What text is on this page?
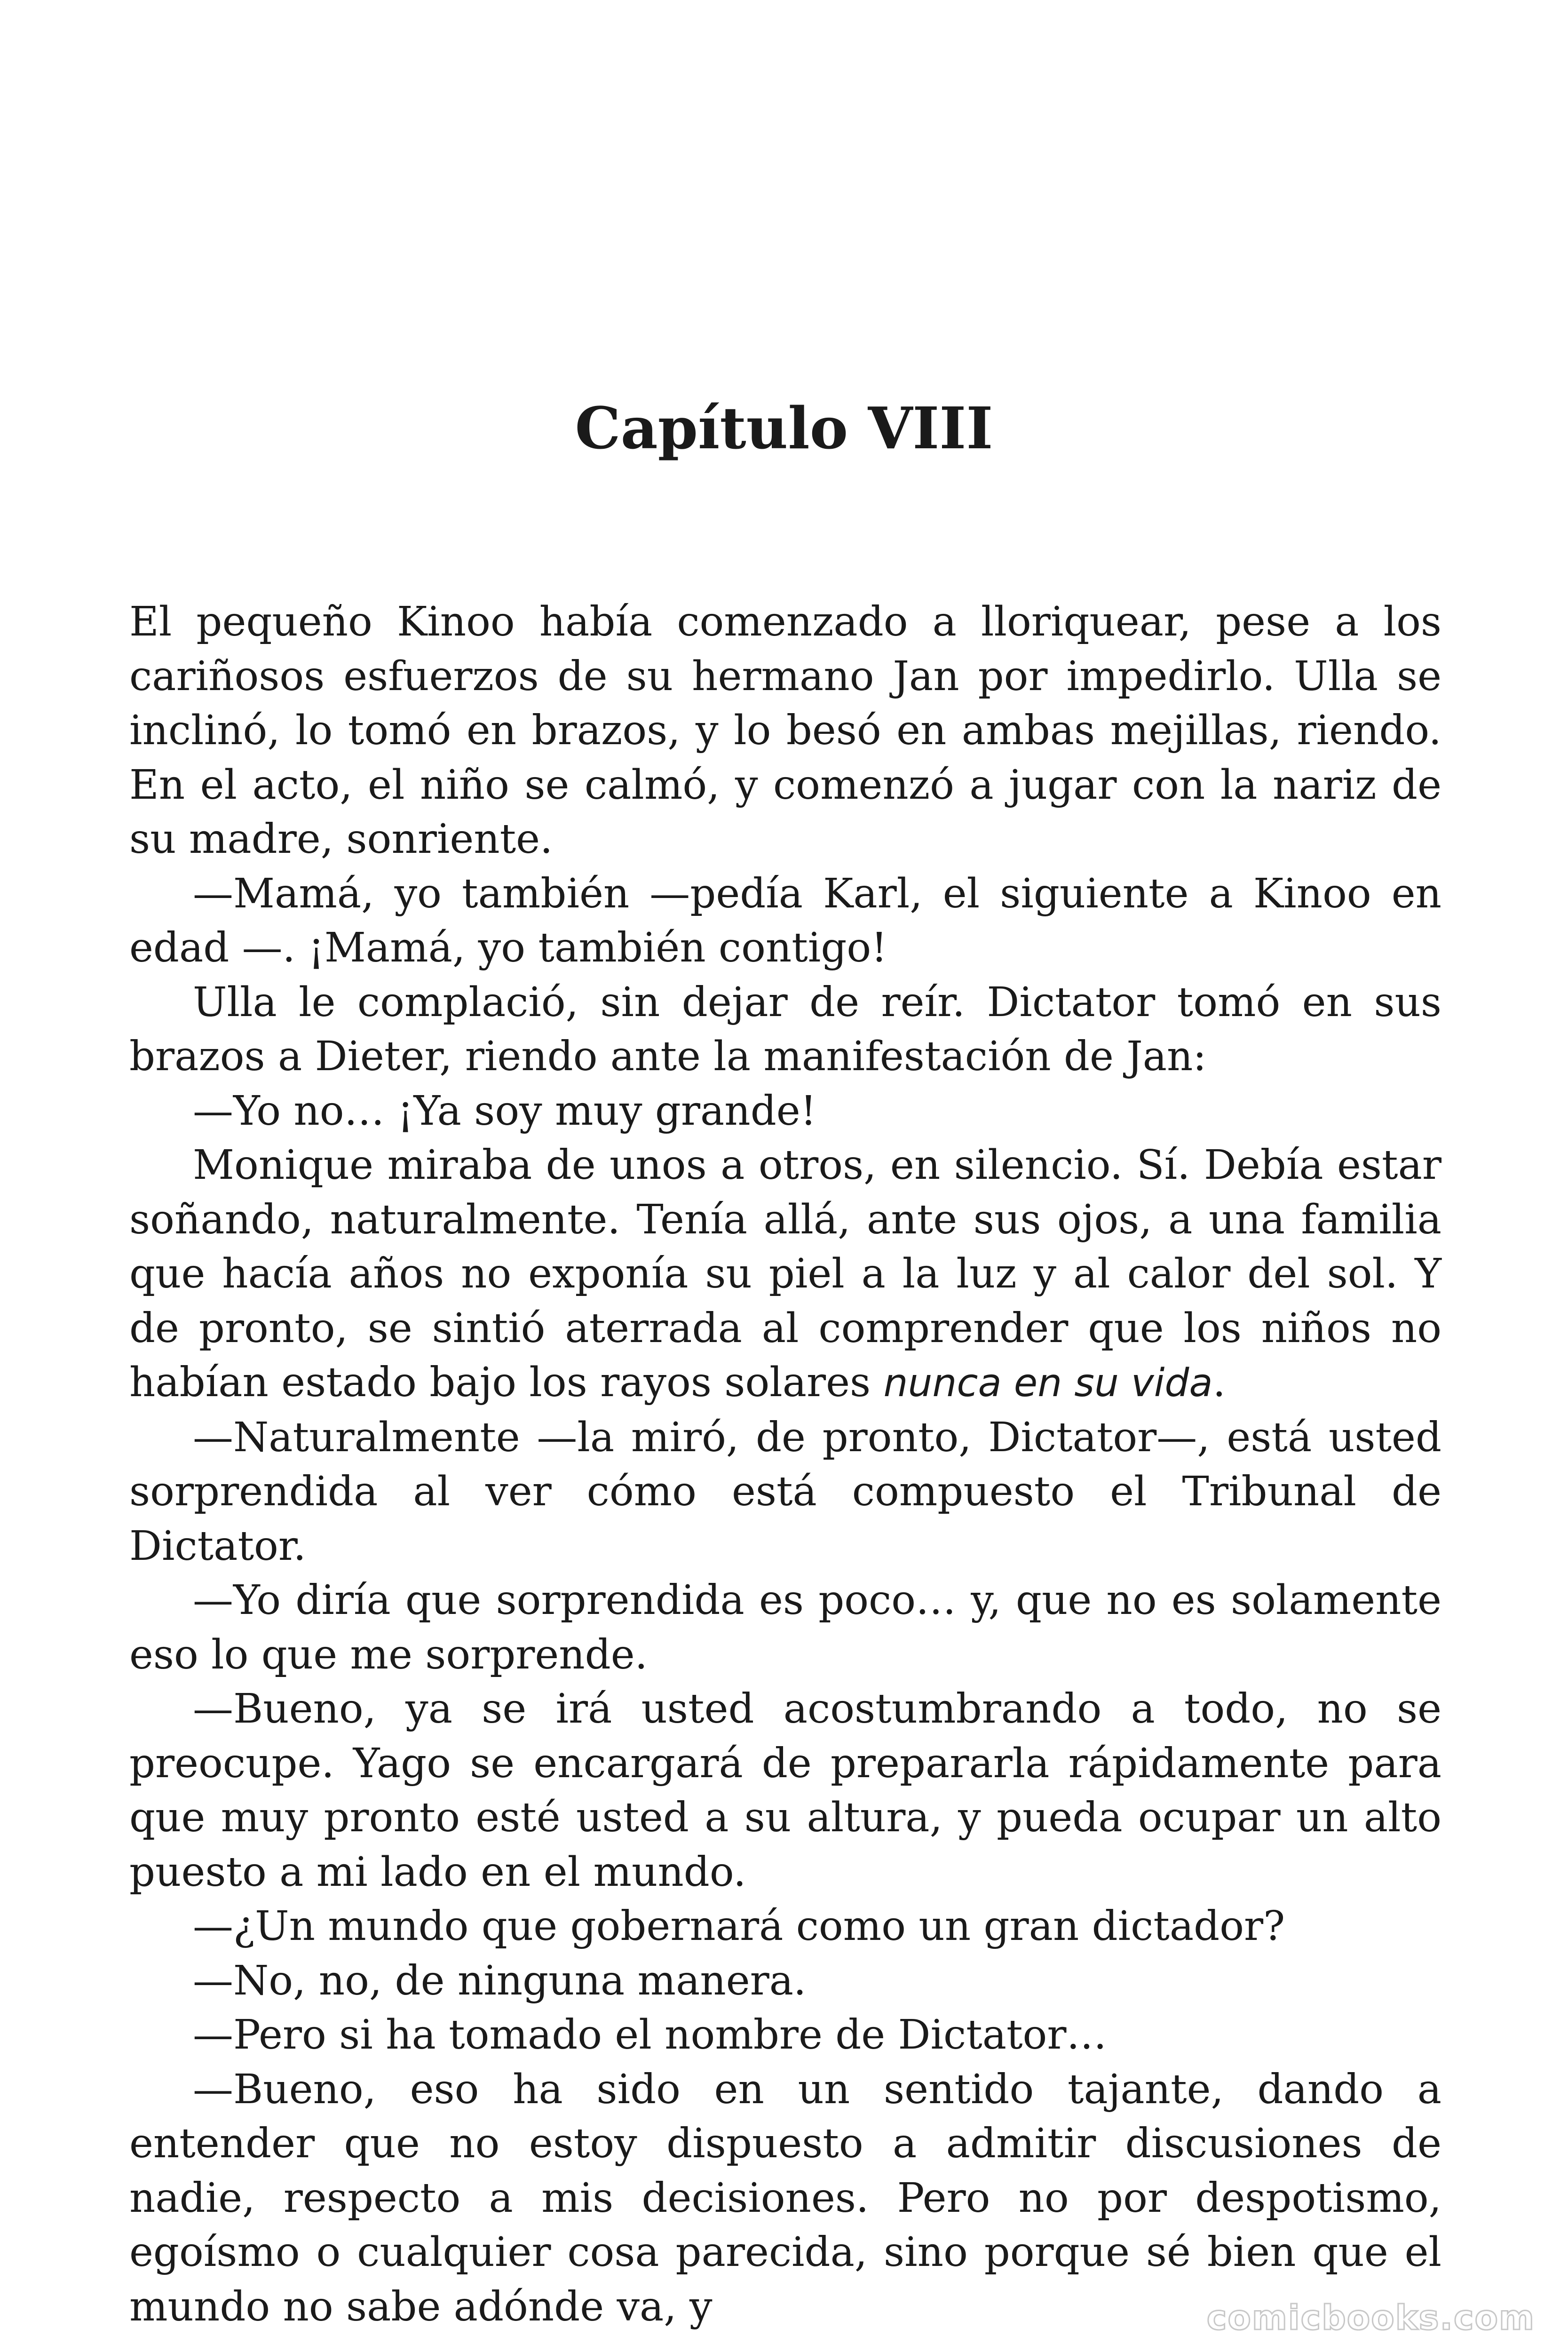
Capítulo VIII

El pequeño Kinoo había comenzado a lloriquear, pese a los cariñosos esfuerzos de su hermano Jan por impedirlo. Ulla se inclinó, lo tomó en brazos, y lo besó en ambas mejillas, riendo. En el acto, el niño se calmó, y comenzó a jugar con la nariz de su madre, sonriente.

—Mamá, yo también —pedía Karl, el siguiente a Kinoo en edad —. ¡Mamá, yo también contigo!

Ulla le complació, sin dejar de reír. Dictator tomó en sus brazos a Dieter, riendo ante la manifestación de Jan:

—Yo no… ¡Ya soy muy grande!

Monique miraba de unos a otros, en silencio. Sí. Debía estar soñando, naturalmente. Tenía allá, ante sus ojos, a una familia que hacía años no exponía su piel a la luz y al calor del sol. Y de pronto, se sintió aterrada al comprender que los niños no habían estado bajo los rayos solares nunca en su vida.

—Naturalmente —la miró, de pronto, Dictator—, está usted sorprendida al ver cómo está compuesto el Tribunal de Dictator.

—Yo diría que sorprendida es poco… y, que no es solamente eso lo que me sorprende.

—Bueno, ya se irá usted acostumbrando a todo, no se preocupe. Yago se encargará de prepararla rápidamente para que muy pronto esté usted a su altura, y pueda ocupar un alto puesto a mi lado en el mundo.

—¿Un mundo que gobernará como un gran dictador?

—No, no, de ninguna manera.

—Pero si ha tomado el nombre de Dictator…

—Bueno, eso ha sido en un sentido tajante, dando a entender que no estoy dispuesto a admitir discusiones de nadie, respecto a mis decisiones. Pero no por despotismo, egoísmo o cualquier cosa parecida, sino porque sé bien que el mundo no sabe adónde va, y	comicbooks.com
